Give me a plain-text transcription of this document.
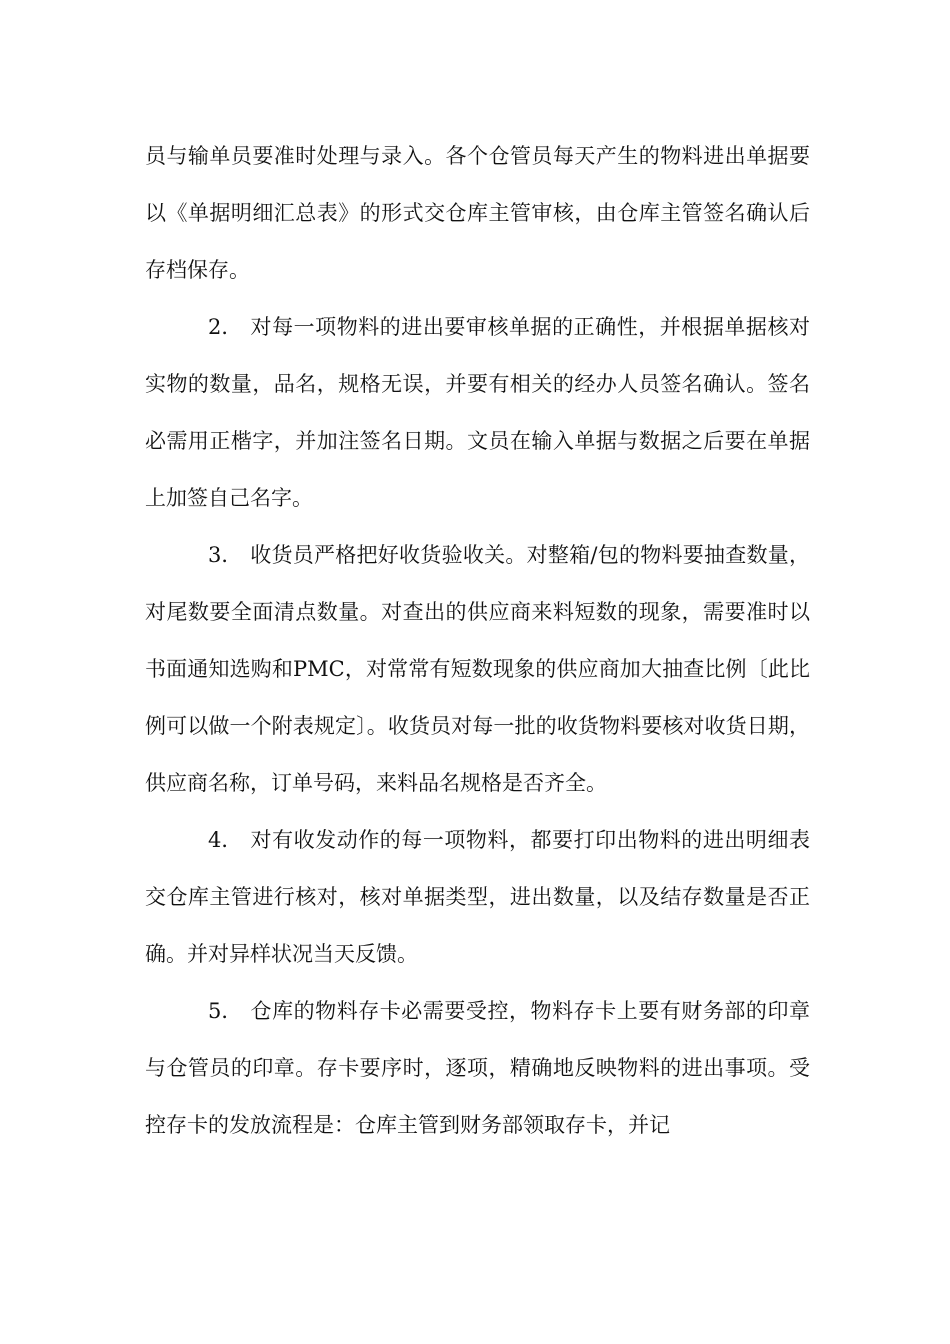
员与输单员要准时处理与录入。各个仓管员每天产生的物料进出单据要以《单据明细汇总表》的形式交仓库主管审核，由仓库主管签名确认后存档保存。

2． 对每一项物料的进出要审核单据的正确性，并根据单据核对实物的数量，品名，规格无误，并要有相关的经办人员签名确认。签名必需用正楷字，并加注签名日期。文员在输入单据与数据之后要在单据上加签自己名字。

3． 收货员严格把好收货验收关。对整箱/包的物料要抽查数量，对尾数要全面清点数量。对查出的供应商来料短数的现象，需要准时以书面通知选购和PMC，对常常有短数现象的供应商加大抽查比例〔此比例可以做一个附表规定〕。收货员对每一批的收货物料要核对收货日期，供应商名称，订单号码，来料品名规格是否齐全。

4． 对有收发动作的每一项物料，都要打印出物料的进出明细表交仓库主管进行核对，核对单据类型，进出数量，以及结存数量是否正确。并对异样状况当天反馈。

5． 仓库的物料存卡必需要受控，物料存卡上要有财务部的印章与仓管员的印章。存卡要序时，逐项，精确地反映物料的进出事项。受控存卡的发放流程是：仓库主管到财务部领取存卡，并记
